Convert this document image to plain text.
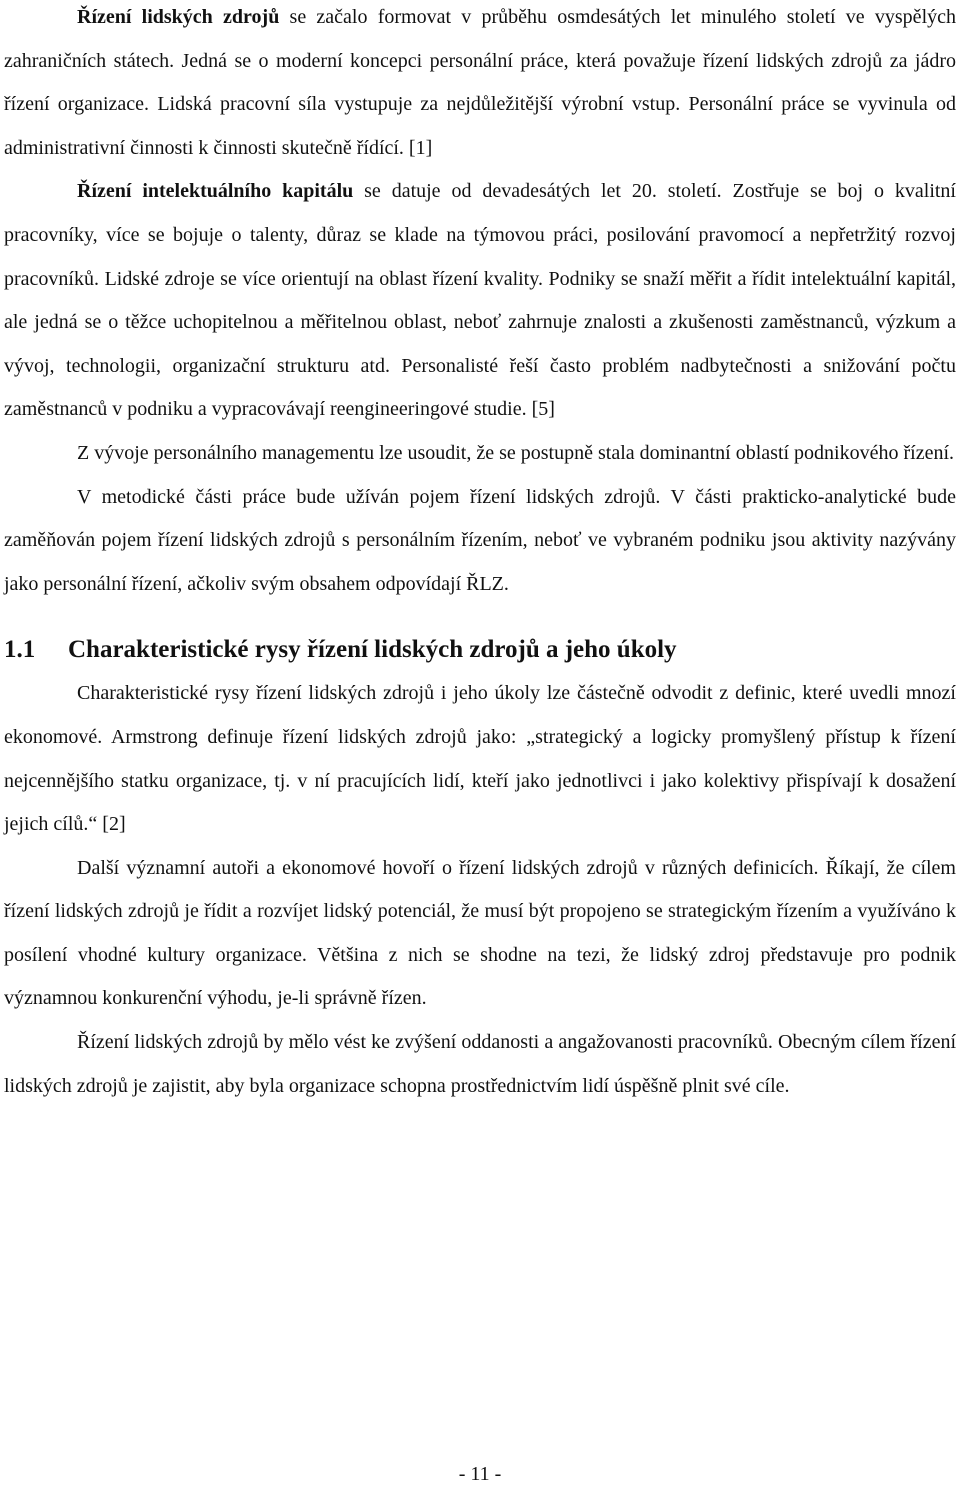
Řízení lidských zdrojů se začalo formovat v průběhu osmdesátých let minulého století ve vyspělých zahraničních státech. Jedná se o moderní koncepci personální práce, která považuje řízení lidských zdrojů za jádro řízení organizace. Lidská pracovní síla vystupuje za nejdůležitější výrobní vstup. Personální práce se vyvinula od administrativní činnosti k činnosti skutečně řídící. [1]

Řízení intelektuálního kapitálu se datuje od devadesátých let 20. století. Zostřuje se boj o kvalitní pracovníky, více se bojuje o talenty, důraz se klade na týmovou práci, posilování pravomocí a nepřetržitý rozvoj pracovníků. Lidské zdroje se více orientují na oblast řízení kvality. Podniky se snaží měřit a řídit intelektuální kapitál, ale jedná se o těžce uchopitelnou a měřitelnou oblast, neboť zahrnuje znalosti a zkušenosti zaměstnanců, výzkum a vývoj, technologii, organizační strukturu atd. Personalisté řeší často problém nadbytečnosti a snižování počtu zaměstnanců v podniku a vypracovávají reengineeringové studie. [5]

Z vývoje personálního managementu lze usoudit, že se postupně stala dominantní oblastí podnikového řízení.

V metodické části práce bude užíván pojem řízení lidských zdrojů. V části prakticko-analytické bude zaměňován pojem řízení lidských zdrojů s personálním řízením, neboť ve vybraném podniku jsou aktivity nazývány jako personální řízení, ačkoliv svým obsahem odpovídají ŘLZ.

1.1	Charakteristické rysy řízení lidských zdrojů a jeho úkoly

Charakteristické rysy řízení lidských zdrojů i jeho úkoly lze částečně odvodit z definic, které uvedli mnozí ekonomové. Armstrong definuje řízení lidských zdrojů jako: „strategický a logicky promyšlený přístup k řízení nejcennějšího statku organizace, tj. v ní pracujících lidí, kteří jako jednotlivci i jako kolektivy přispívají k dosažení jejich cílů.“ [2]

Další významní autoři a ekonomové hovoří o řízení lidských zdrojů v různých definicích. Říkají, že cílem řízení lidských zdrojů je řídit a rozvíjet lidský potenciál, že musí být propojeno se strategickým řízením a využíváno k posílení vhodné kultury organizace. Většina z nich se shodne na tezi, že lidský zdroj představuje pro podnik významnou konkurenční výhodu, je-li správně řízen.

Řízení lidských zdrojů by mělo vést ke zvýšení oddanosti a angažovanosti pracovníků. Obecným cílem řízení lidských zdrojů je zajistit, aby byla organizace schopna prostřednictvím lidí úspěšně plnit své cíle.

- 11 -
